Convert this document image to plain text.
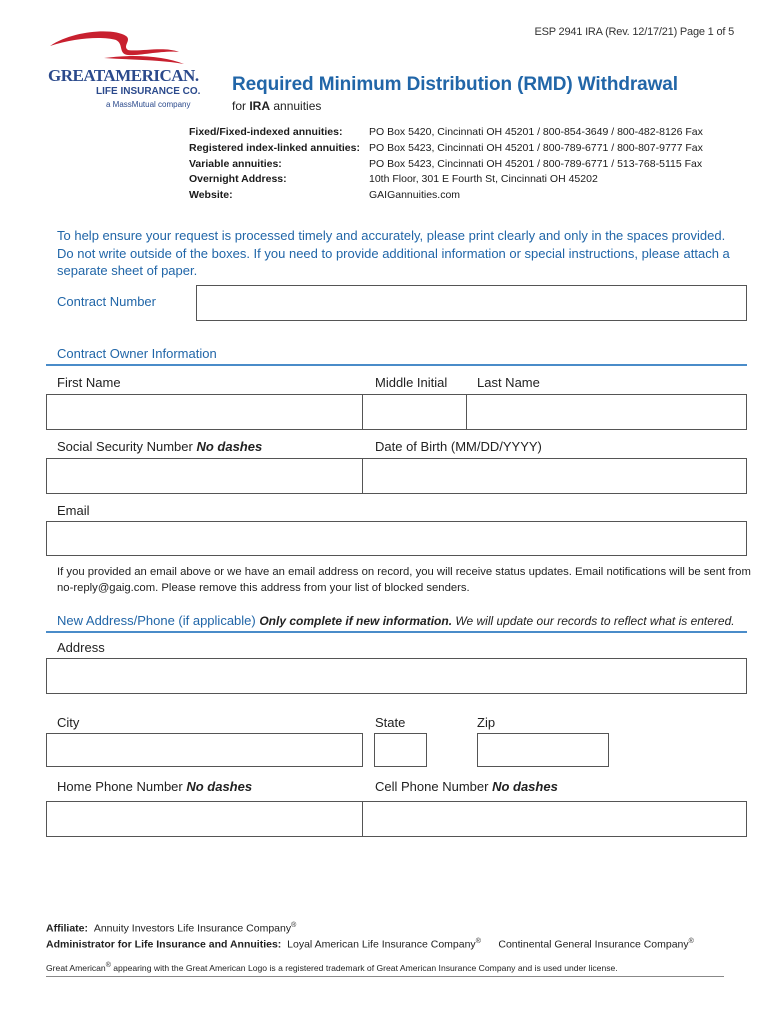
ESP 2941 IRA (Rev. 12/17/21) Page 1 of 5
GREATAMERICAN.
LIFE INSURANCE CO.
a MassMutual company
Required Minimum Distribution (RMD) Withdrawal
for IRA annuities
Fixed/Fixed-indexed annuities:	PO Box 5420, Cincinnati OH 45201 / 800-854-3649 / 800-482-8126 Fax
Registered index-linked annuities: PO Box 5423, Cincinnati OH 45201 / 800-789-6771 / 800-807-9777 Fax
Variable annuities:	PO Box 5423, Cincinnati OH 45201 / 800-789-6771 / 513-768-5115 Fax
Overnight Address:	10th Floor, 301 E Fourth St, Cincinnati OH 45202
Website:	GAIGannuities.com
To help ensure your request is processed timely and accurately, please print clearly and only in the spaces provided. Do not write outside of the boxes. If you need to provide additional information or special instructions, please attach a separate sheet of paper.
Contract Number
Contract Owner Information
First Name	Middle Initial Last Name
Social Security Number No dashes	Date of Birth (MM/DD/YYYY)
Email
If you provided an email above or we have an email address on record, you will receive status updates. Email notifications will be sent from no-reply@gaig.com. Please remove this address from your list of blocked senders.
New Address/Phone (if applicable) Only complete if new information. We will update our records to reflect what is entered.
Address
City	State	Zip
Home Phone Number No dashes	Cell Phone Number No dashes
Affiliate: Annuity Investors Life Insurance Company®
Administrator for Life Insurance and Annuities: Loyal American Life Insurance Company® Continental General Insurance Company®
Great American® appearing with the Great American Logo is a registered trademark of Great American Insurance Company and is used under license.
